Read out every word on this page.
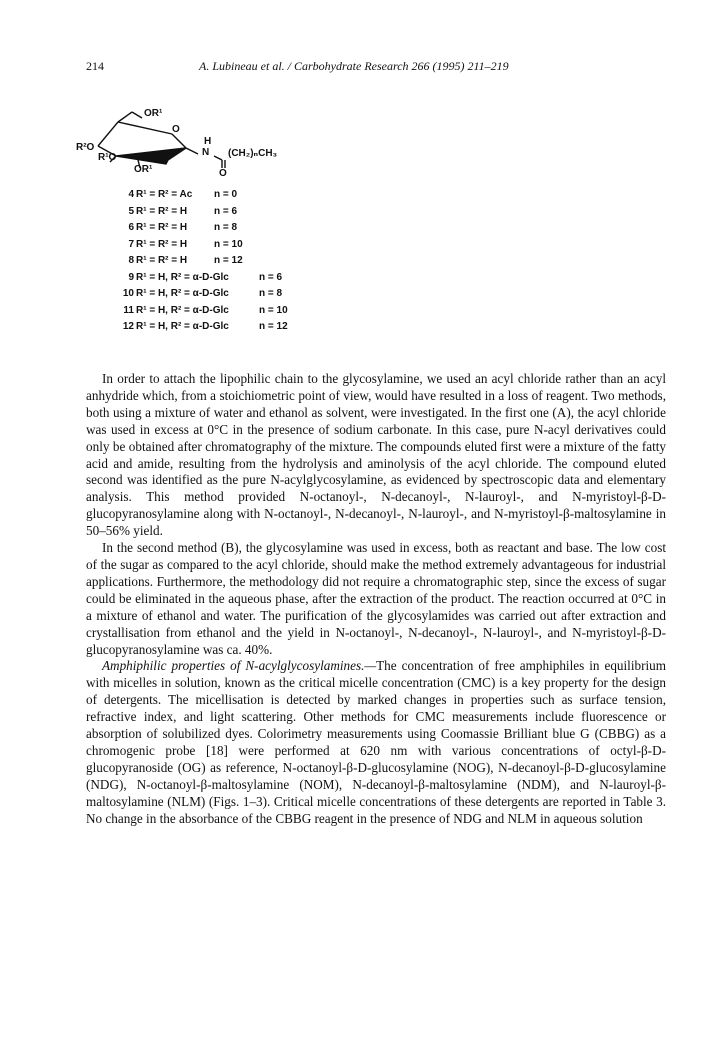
214	A. Lubineau et al. / Carbohydrate Research 266 (1995) 211–219
OR¹
R²O
R¹O
O
OR¹
H
N (CH₂)ₙCH₃
O
4 R¹ = R² = Ac n = 0
5 R¹ = R² = H	n = 6
6 R¹ = R² = H	n = 8
7 R¹ = R² = H	n = 10
8 R¹ = R² = H	n = 12
9 R¹ = H, R² = α-D-Glc	n = 6
10 R¹ = H, R² = α-D-Glc	n = 8
11 R¹ = H, R² = α-D-Glc	n = 10
12 R¹ = H, R² = α-D-Glc	n = 12

In order to attach the lipophilic chain to the glycosylamine, we used an acyl chloride rather than an acyl anhydride which, from a stoichiometric point of view, would have resulted in a loss of reagent. Two methods, both using a mixture of water and ethanol as solvent, were investigated. In the first one (A), the acyl chloride was used in excess at 0°C in the presence of sodium carbonate. In this case, pure N-acyl derivatives could only be obtained after chromatography of the mixture. The compounds eluted first were a mixture of the fatty acid and amide, resulting from the hydrolysis and aminolysis of the acyl chloride. The compound eluted second was identified as the pure N-acylglycosylamine, as evidenced by spectroscopic data and elementary analysis. This method provided N-octanoyl-, N-decanoyl-, N-lauroyl-, and N-myristoyl-β-D-glucopyranosylamine along with N-octanoyl-, N-decanoyl-, N-lauroyl-, and N-myristoyl-β-maltosylamine in 50–56% yield.

In the second method (B), the glycosylamine was used in excess, both as reactant and base. The low cost of the sugar as compared to the acyl chloride, should make the method extremely advantageous for industrial applications. Furthermore, the methodology did not require a chromatographic step, since the excess of sugar could be eliminated in the aqueous phase, after the extraction of the product. The reaction occurred at 0°C in a mixture of ethanol and water. The purification of the glycosylamides was carried out after extraction and crystallisation from ethanol and the yield in N-octanoyl-, N-decanoyl-, N-lauroyl-, and N-myristoyl-β-D-glucopyranosylamine was ca. 40%.

Amphiphilic properties of N-acylglycosylamines.—The concentration of free amphiphiles in equilibrium with micelles in solution, known as the critical micelle concentration (CMC) is a key property for the design of detergents. The micellisation is detected by marked changes in properties such as surface tension, refractive index, and light scattering. Other methods for CMC measurements include fluorescence or absorption of solubilized dyes. Colorimetry measurements using Coomassie Brilliant blue G (CBBG) as a chromogenic probe [18] were performed at 620 nm with various concentrations of octyl-β-D-glucopyranoside (OG) as reference, N-octanoyl-β-D-glucosylamine (NOG), N-decanoyl-β-D-glucosylamine (NDG), N-octanoyl-β-maltosylamine (NOM), N-decanoyl-β-maltosylamine (NDM), and N-lauroyl-β-maltosylamine (NLM) (Figs. 1–3). Critical micelle concentrations of these detergents are reported in Table 3. No change in the absorbance of the CBBG reagent in the presence of NDG and NLM in aqueous solution
